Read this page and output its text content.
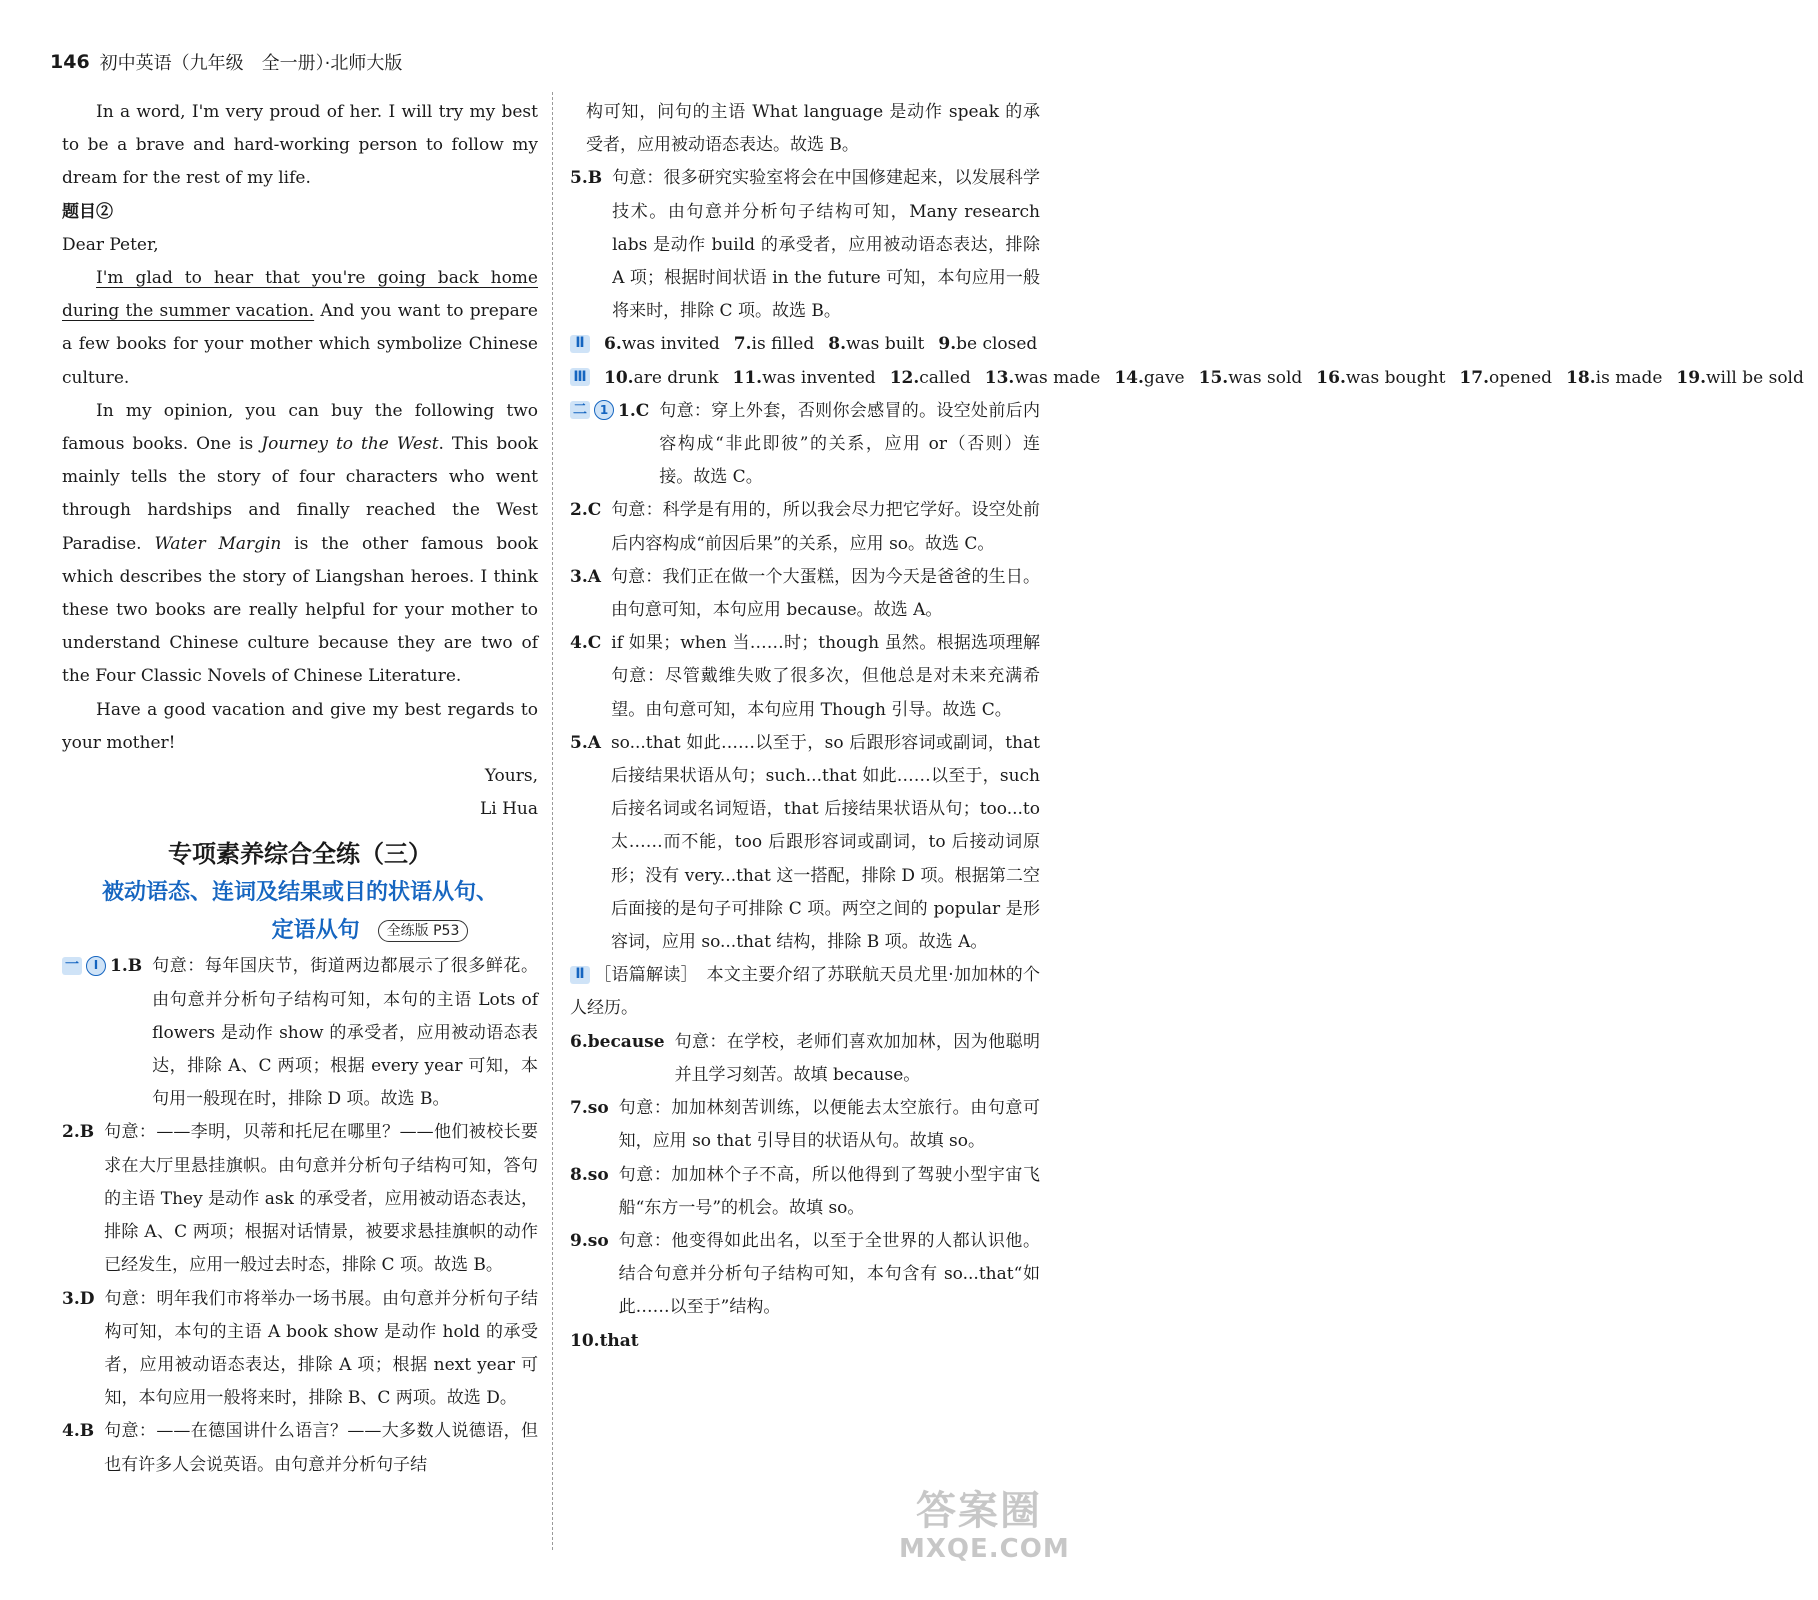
146 初中英语（九年级　全一册）·北师大版

In a word, I'm very proud of her. I will try my best to be a brave and hard-working person to follow my dream for the rest of my life.

题目②

Dear Peter,

I'm glad to hear that you're going back home during the summer vacation. And you want to prepare a few books for your mother which symbolize Chinese culture.

In my opinion, you can buy the following two famous books. One is Journey to the West. This book mainly tells the story of four characters who went through hardships and finally reached the West Paradise. Water Margin is the other famous book which describes the story of Liangshan heroes. I think these two books are really helpful for your mother to understand Chinese culture because they are two of the Four Classic Novels of Chinese Literature.

Have a good vacation and give my best regards to your mother!

Yours,

Li Hua

专项素养综合全练（三）
被动语态、连词及结果或目的状语从句、
定语从句	全练版 P53
一 Ⅰ 1.B 句意：每年国庆节，街道两边都展示了很多鲜花。由句意并分析句子结构可知，本句的主语 Lots of flowers 是动作 show 的承受者，应用被动语态表达，排除 A、C 两项；根据 every year 可知，本句用一般现在时，排除 D 项。故选 B。
2.B 句意：——李明，贝蒂和托尼在哪里？——他们被校长要求在大厅里悬挂旗帜。由句意并分析句子结构可知，答句的主语 They 是动作 ask 的承受者，应用被动语态表达，排除 A、C 两项；根据对话情景，被要求悬挂旗帜的动作已经发生，应用一般过去时态，排除 C 项。故选 B。
3.D 句意：明年我们市将举办一场书展。由句意并分析句子结构可知，本句的主语 A book show 是动作 hold 的承受者，应用被动语态表达，排除 A 项；根据 next year 可知，本句应用一般将来时，排除 B、C 两项。故选 D。
4.B 句意：——在德国讲什么语言？——大多数人说德语，但也有许多人会说英语。由句意并分析句子结

构可知，问句的主语 What language 是动作 speak 的承受者，应用被动语态表达。故选 B。

5.B 句意：很多研究实验室将会在中国修建起来，以发展科学技术。由句意并分析句子结构可知，Many research labs 是动作 build 的承受者，应用被动语态表达，排除 A 项；根据时间状语 in the future 可知，本句应用一般将来时，排除 C 项。故选 B。

Ⅱ 6.was invited 7.is filled 8.was built 9.be closed

Ⅲ 10.are drunk 11.was invented 12.called 13.was made 14.gave 15.was sold 16.was bought 17.opened 18.is made 19.will be sold

二 1 1.C 句意：穿上外套，否则你会感冒的。设空处前后内容构成“非此即彼”的关系，应用 or（否则）连接。故选 C。
2.C 句意：科学是有用的，所以我会尽力把它学好。设空处前后内容构成“前因后果”的关系，应用 so。故选 C。
3.A 句意：我们正在做一个大蛋糕，因为今天是爸爸的生日。由句意可知，本句应用 because。故选 A。
4.C if 如果；when 当……时；though 虽然。根据选项理解句意：尽管戴维失败了很多次，但他总是对未来充满希望。由句意可知，本句应用 Though 引导。故选 C。
5.A so...that 如此……以至于，so 后跟形容词或副词，that 后接结果状语从句；such...that 如此……以至于，such 后接名词或名词短语，that 后接结果状语从句；too...to 太……而不能，too 后跟形容词或副词，to 后接动词原形；没有 very...that 这一搭配，排除 D 项。根据第二空后面接的是句子可排除 C 项。两空之间的 popular 是形容词，应用 so...that 结构，排除 B 项。故选 A。

Ⅱ ［语篇解读］　 本文主要介绍了苏联航天员尤里·加加林的个人经历。

6.because 句意：在学校，老师们喜欢加加林，因为他聪明并且学习刻苦。故填 because。
7.so 句意：加加林刻苦训练，以便能去太空旅行。由句意可知，应用 so that 引导目的状语从句。故填 so。
8.so 句意：加加林个子不高，所以他得到了驾驶小型宇宙飞船“东方一号”的机会。故填 so。
9.so 句意：他变得如此出名，以至于全世界的人都认识他。结合句意并分析句子结构可知，本句含有 so...that“如此……以至于”结构。
10.that
答案圈
MXQE.COM
